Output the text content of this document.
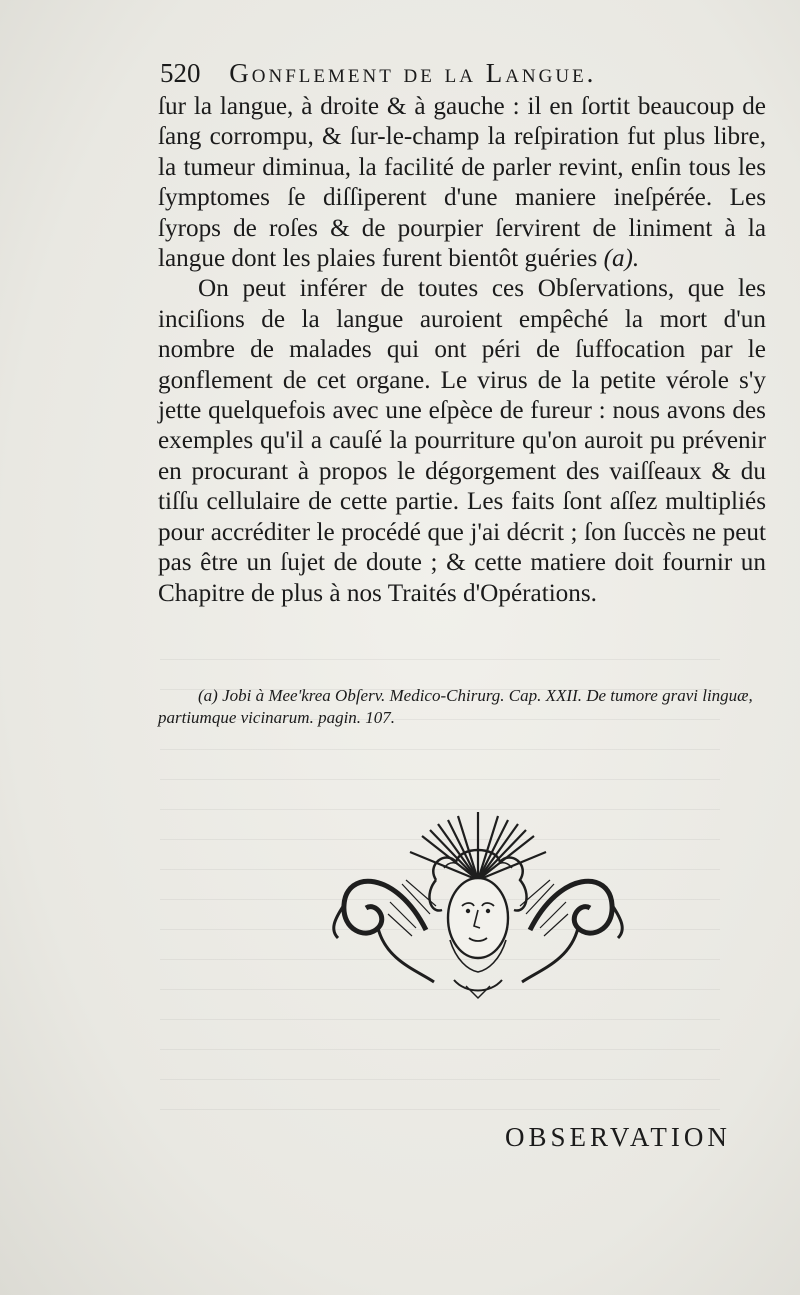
520 Gonflement de la Langue.

ſur la langue, à droite & à gauche : il en ſortit beaucoup de ſang corrompu, & ſur-le-champ la reſpiration fut plus libre, la tumeur diminua, la facilité de parler revint, enſin tous les ſymptomes ſe diſſiperent d'une maniere ineſpérée. Les ſyrops de roſes & de pourpier ſervirent de liniment à la langue dont les plaies furent bientôt guéries (a).

On peut inférer de toutes ces Obſervations, que les inciſions de la langue auroient empêché la mort d'un nombre de malades qui ont péri de ſuffocation par le gonflement de cet organe. Le virus de la petite vérole s'y jette quelquefois avec une eſpèce de fureur : nous avons des exemples qu'il a cauſé la pourriture qu'on auroit pu prévenir en procurant à propos le dégorgement des vaiſſeaux & du tiſſu cellulaire de cette partie. Les faits ſont aſſez multipliés pour accréditer le procédé que j'ai décrit ; ſon ſuccès ne peut pas être un ſujet de doute ; & cette matiere doit fournir un Chapitre de plus à nos Traités d'Opérations.

(a) Jobi à Mee'krea Obſerv. Medico-Chirurg. Cap. XXII. De tumore gravi linguæ, partiumque vicinarum. pagin. 107.
OBSERVATION
